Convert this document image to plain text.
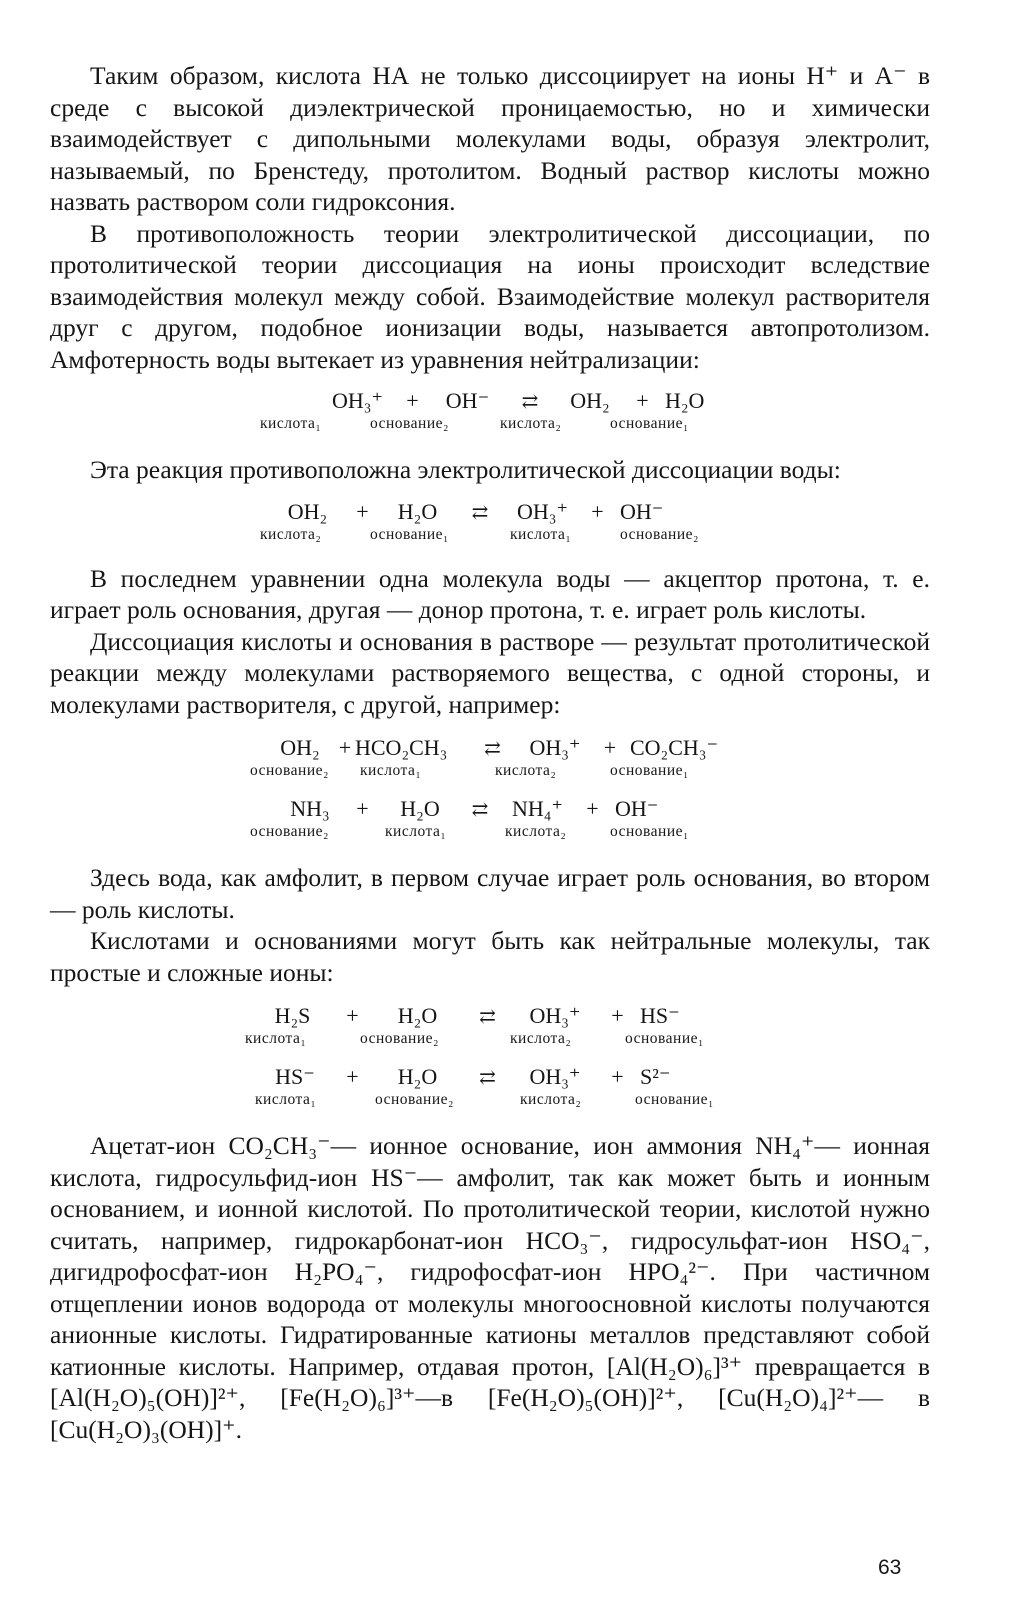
Таким образом, кислота НА не только диссоциирует на ионы Н⁺ и А⁻ в среде с высокой диэлектрической проницаемостью, но и химически взаимодействует с дипольными молекулами воды, образуя электролит, называемый, по Бренстеду, протолитом. Водный раствор кислоты можно назвать раствором соли гидроксония.

В противоположность теории электролитической диссоциации, по протолитической теории диссоциация на ионы происходит вследствие взаимодействия молекул между собой. Взаимодействие молекул растворителя друг с другом, подобное ионизации воды, называется автопротолизом. Амфотерность воды вытекает из уравнения нейтрализации:

OH₃⁺	+	OH⁻	⇄	OH₂	+ H₂O
кислота₁	основание₂	кислота₂	основание₁

Эта реакция противоположна электролитической диссоциации воды:

OH₂	+	H₂O	⇄	OH₃⁺	+ OH⁻
кислота₂	основание₁	кислота₁	основание₂

В последнем уравнении одна молекула воды — акцептор протона, т. е. играет роль основания, другая — донор протона, т. е. играет роль кислоты.

Диссоциация кислоты и основания в растворе — результат протолитической реакции между молекулами растворяемого вещества, с одной стороны, и молекулами растворителя, с другой, например:

OH₂ + HCO₂CH₃	⇄	OH₃⁺	+ CO₂CH₃⁻
основание₂	кислота₁	кислота₂	основание₁
NH₃	+	H₂O	⇄	NH₄⁺	+ OH⁻
основание₂	кислота₁	кислота₂	основание₁

Здесь вода, как амфолит, в первом случае играет роль основания, во втором — роль кислоты.

Кислотами и основаниями могут быть как нейтральные молекулы, так простые и сложные ионы:

H₂S	+	H₂O	⇄	OH₃⁺	+ HS⁻
кислота₁	основание₂	кислота₂	основание₁
HS⁻	+	H₂O	⇄	OH₃⁺	+ S²⁻
кислота₁	основание₂	кислота₂	основание₁

Ацетат-ион CO₂CH₃⁻— ионное основание, ион аммония NH₄⁺— ионная кислота, гидросульфид-ион HS⁻— амфолит, так как может быть и ионным основанием, и ионной кислотой. По протолитической теории, кислотой нужно считать, например, гидрокарбонат-ион HCO₃⁻, гидросульфат-ион HSO₄⁻, дигидрофосфат-ион H₂PO₄⁻, гидрофосфат-ион HPO₄²⁻. При частичном отщеплении ионов водорода от молекулы многоосновной кислоты получаются анионные кислоты. Гидратированные катионы металлов представляют собой катионные кислоты. Например, отдавая протон, [Al(H₂O)₆]³⁺ превращается в [Al(H₂O)₅(OH)]²⁺, [Fe(H₂O)₆]³⁺—в [Fe(H₂O)₅(OH)]²⁺, [Cu(H₂O)₄]²⁺— в [Cu(H₂O)₃(OH)]⁺.

63
